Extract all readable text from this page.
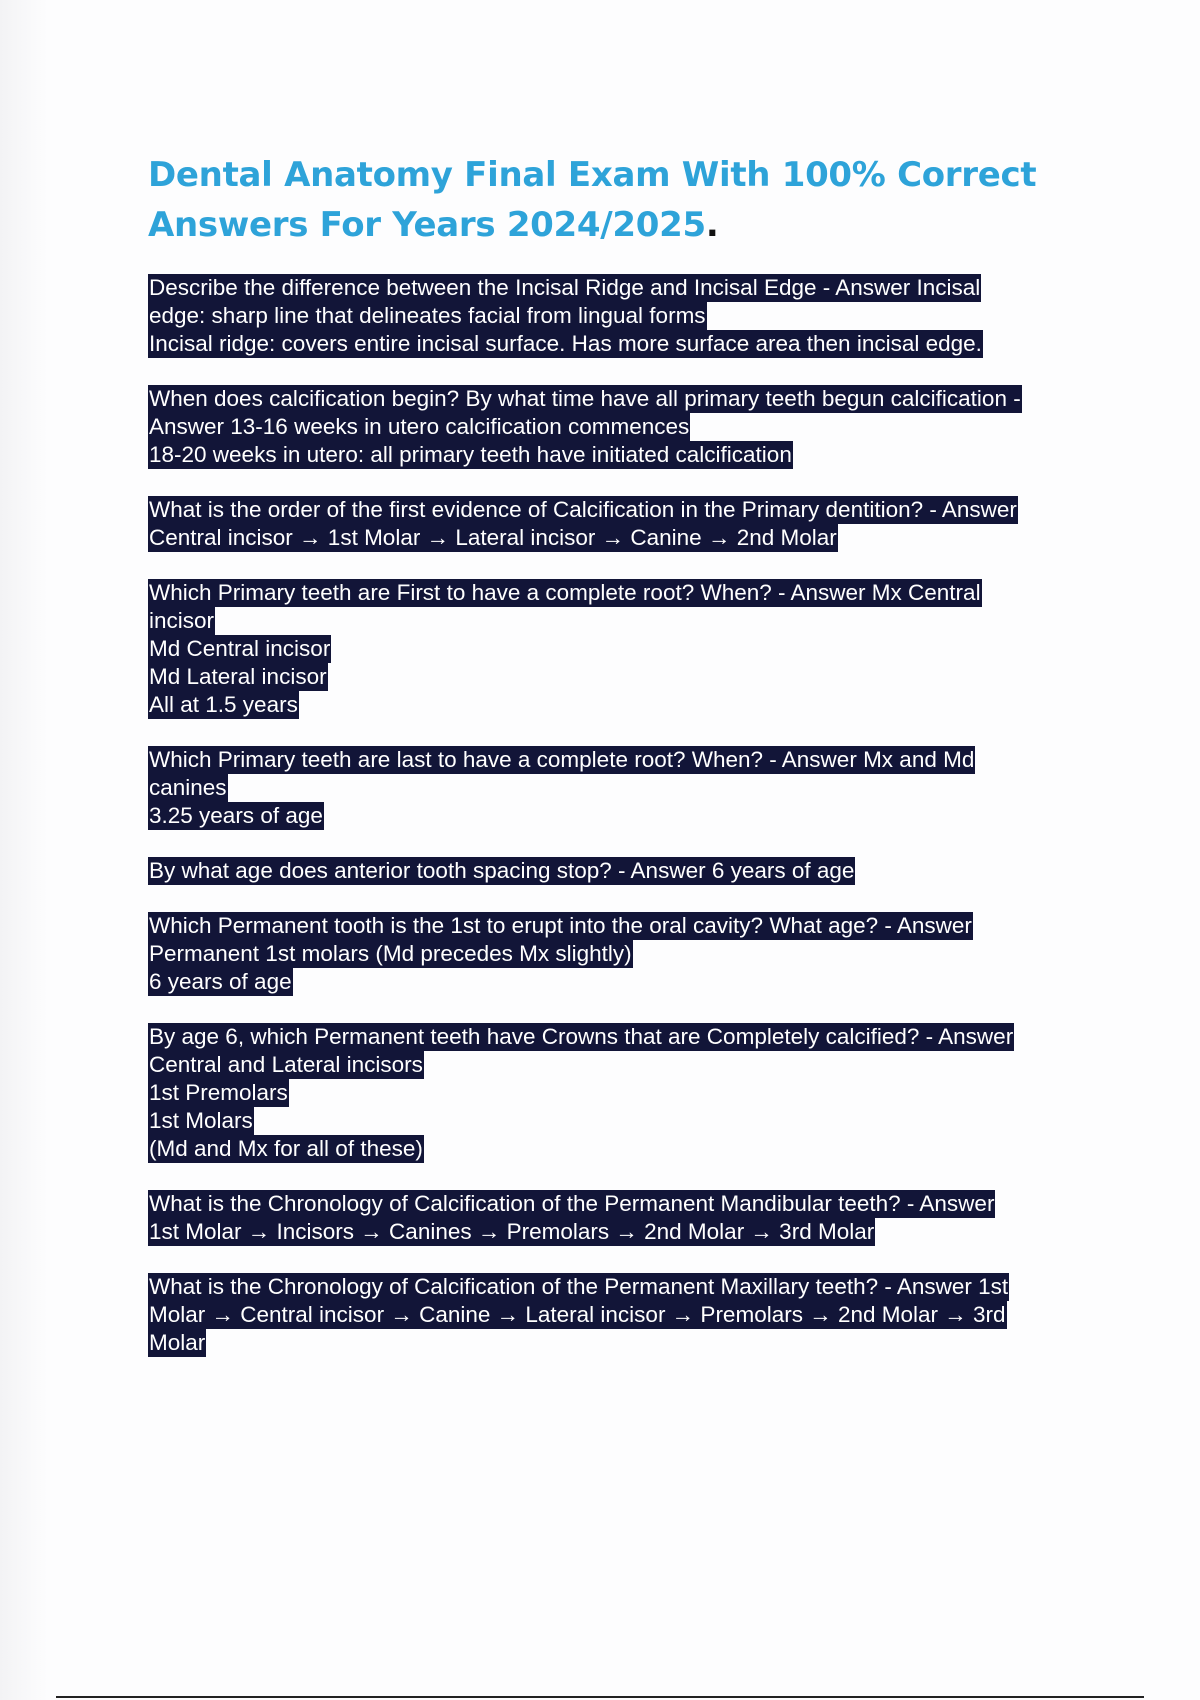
Dental Anatomy Final Exam With 100% Correct Answers For Years 2024/2025.

Describe the difference between the Incisal Ridge and Incisal Edge - Answer Incisal
edge: sharp line that delineates facial from lingual forms
Incisal ridge: covers entire incisal surface. Has more surface area then incisal edge.

When does calcification begin? By what time have all primary teeth begun calcification -
Answer 13-16 weeks in utero calcification commences
18-20 weeks in utero: all primary teeth have initiated calcification

What is the order of the first evidence of Calcification in the Primary dentition? - Answer
Central incisor → 1st Molar → Lateral incisor → Canine → 2nd Molar

Which Primary teeth are First to have a complete root? When? - Answer Mx Central
incisor
Md Central incisor
Md Lateral incisor
All at 1.5 years

Which Primary teeth are last to have a complete root? When? - Answer Mx and Md
canines
3.25 years of age

By what age does anterior tooth spacing stop? - Answer 6 years of age

Which Permanent tooth is the 1st to erupt into the oral cavity? What age? - Answer
Permanent 1st molars (Md precedes Mx slightly)
6 years of age

By age 6, which Permanent teeth have Crowns that are Completely calcified? - Answer
Central and Lateral incisors
1st Premolars
1st Molars
(Md and Mx for all of these)

What is the Chronology of Calcification of the Permanent Mandibular teeth? - Answer
1st Molar → Incisors → Canines → Premolars → 2nd Molar → 3rd Molar

What is the Chronology of Calcification of the Permanent Maxillary teeth? - Answer 1st
Molar → Central incisor → Canine → Lateral incisor → Premolars → 2nd Molar → 3rd
Molar
